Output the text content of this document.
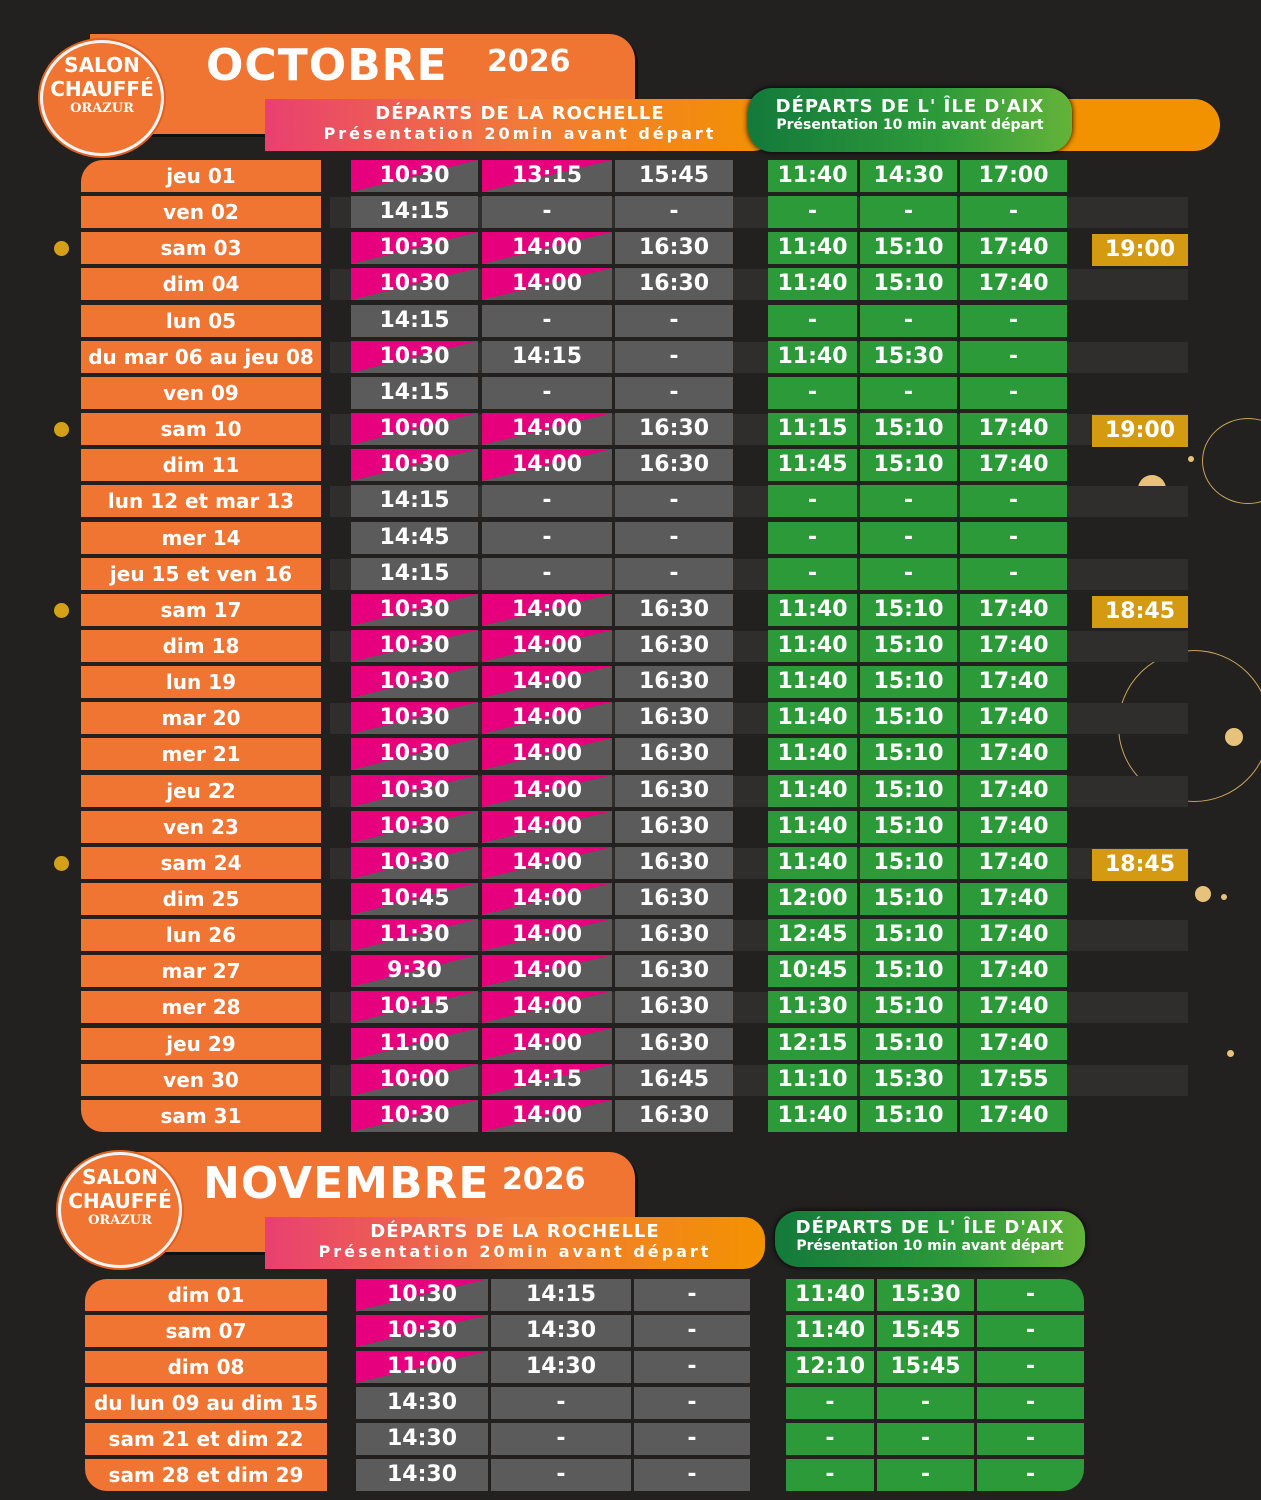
OCTOBRE 2026
DÉPARTS DE LA ROCHELLE
Présentation 20min avant départ
DÉPARTS DE L' ÎLE D'AIX
Présentation 10 min avant départ
SALON
CHAUFFÉ
ORAZUR
jeu 01	10:30	13:15	15:45	11:40	14:30	17:00
ven 02	14:15	-	-	-	-	-
sam 03	10:30	14:00	16:30	11:40	15:10	17:40	19:00
dim 04	10:30	14:00	16:30	11:40	15:10	17:40
lun 05	14:15	-	-	-	-	-
du mar 06 au jeu 08	10:30	14:15	-	11:40	15:30	-
ven 09	14:15	-	-	-	-	-
sam 10	10:00	14:00	16:30	11:15	15:10	17:40	19:00
dim 11	10:30	14:00	16:30	11:45	15:10	17:40
lun 12 et mar 13	14:15	-	-	-	-	-
mer 14	14:45	-	-	-	-	-
jeu 15 et ven 16	14:15	-	-	-	-	-
sam 17	10:30	14:00	16:30	11:40	15:10	17:40	18:45
dim 18	10:30	14:00	16:30	11:40	15:10	17:40
lun 19	10:30	14:00	16:30	11:40	15:10	17:40
mar 20	10:30	14:00	16:30	11:40	15:10	17:40
mer 21	10:30	14:00	16:30	11:40	15:10	17:40
jeu 22	10:30	14:00	16:30	11:40	15:10	17:40
ven 23	10:30	14:00	16:30	11:40	15:10	17:40
sam 24	10:30	14:00	16:30	11:40	15:10	17:40	18:45
dim 25	10:45	14:00	16:30	12:00	15:10	17:40
lun 26	11:30	14:00	16:30	12:45	15:10	17:40
mar 27	9:30	14:00	16:30	10:45	15:10	17:40
mer 28	10:15	14:00	16:30	11:30	15:10	17:40
jeu 29	11:00	14:00	16:30	12:15	15:10	17:40
ven 30	10:00	14:15	16:45	11:10	15:30	17:55
sam 31	10:30	14:00	16:30	11:40	15:10	17:40
NOVEMBRE 2026
DÉPARTS DE LA ROCHELLE
Présentation 20min avant départ
DÉPARTS DE L' ÎLE D'AIX
Présentation 10 min avant départ
SALON
CHAUFFÉ
ORAZUR
dim 01	10:30	14:15	-	11:40	15:30	-
sam 07	10:30	14:30	-	11:40	15:45	-
dim 08	11:00	14:30	-	12:10	15:45	-
du lun 09 au dim 15	14:30	-	-	-	-	-
sam 21 et dim 22	14:30	-	-	-	-	-
sam 28 et dim 29	14:30	-	-	-	-	-
